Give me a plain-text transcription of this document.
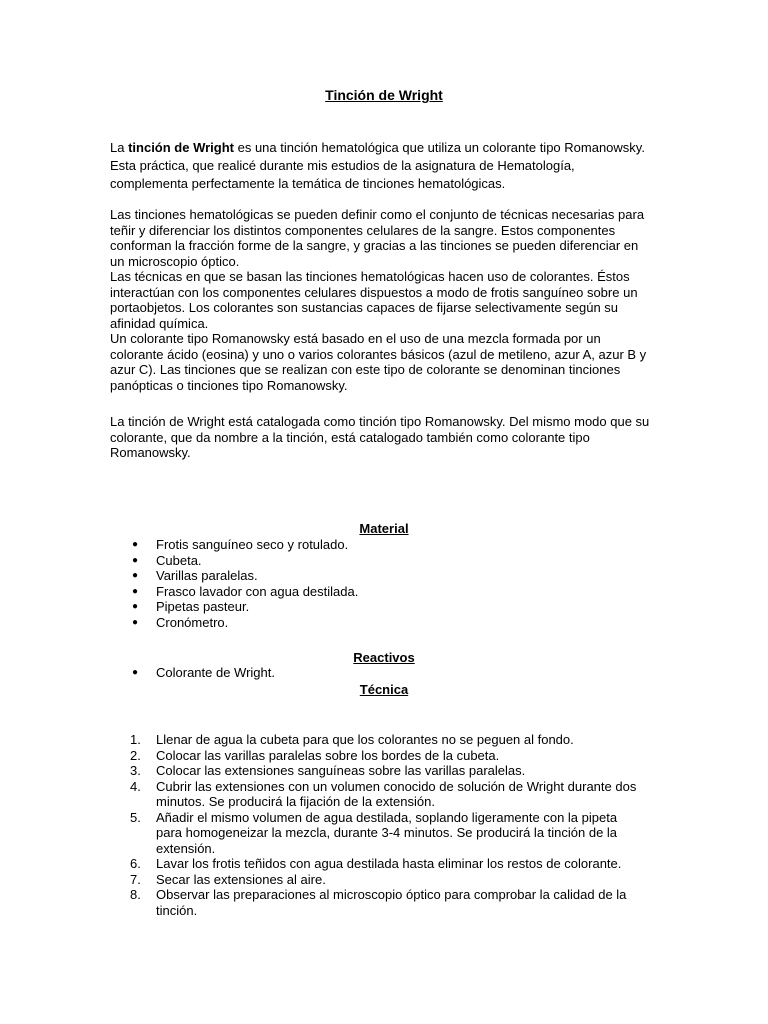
Tinción de Wright

La tinción de Wright es una tinción hematológica que utiliza un colorante tipo Romanowsky. Esta práctica, que realicé durante mis estudios de la asignatura de Hematología, complementa perfectamente la temática de tinciones hematológicas.

Las tinciones hematológicas se pueden definir como el conjunto de técnicas necesarias para teñir y diferenciar los distintos componentes celulares de la sangre. Estos componentes conforman la fracción forme de la sangre, y gracias a las tinciones se pueden diferenciar en un microscopio óptico.
Las técnicas en que se basan las tinciones hematológicas hacen uso de colorantes. Éstos interactúan con los componentes celulares dispuestos a modo de frotis sanguíneo sobre un portaobjetos. Los colorantes son sustancias capaces de fijarse selectivamente según su afinidad química.
Un colorante tipo Romanowsky está basado en el uso de una mezcla formada por un colorante ácido (eosina) y uno o varios colorantes básicos (azul de metileno, azur A, azur B y azur C). Las tinciones que se realizan con este tipo de colorante se denominan tinciones panópticas o tinciones tipo Romanowsky.

La tinción de Wright está catalogada como tinción tipo Romanowsky. Del mismo modo que su colorante, que da nombre a la tinción, está catalogado también como colorante tipo Romanowsky.

Material
● Frotis sanguíneo seco y rotulado.
● Cubeta.
● Varillas paralelas.
● Frasco lavador con agua destilada.
● Pipetas pasteur.
● Cronómetro.
Reactivos
● Colorante de Wright.
Técnica
1. Llenar de agua la cubeta para que los colorantes no se peguen al fondo.
2. Colocar las varillas paralelas sobre los bordes de la cubeta.
3. Colocar las extensiones sanguíneas sobre las varillas paralelas.
4. Cubrir las extensiones con un volumen conocido de solución de Wright durante dos minutos. Se producirá la fijación de la extensión.
5. Añadir el mismo volumen de agua destilada, soplando ligeramente con la pipeta para homogeneizar la mezcla, durante 3-4 minutos. Se producirá la tinción de la extensión.
6. Lavar los frotis teñidos con agua destilada hasta eliminar los restos de colorante.
7. Secar las extensiones al aire.
8. Observar las preparaciones al microscopio óptico para comprobar la calidad de la tinción.
